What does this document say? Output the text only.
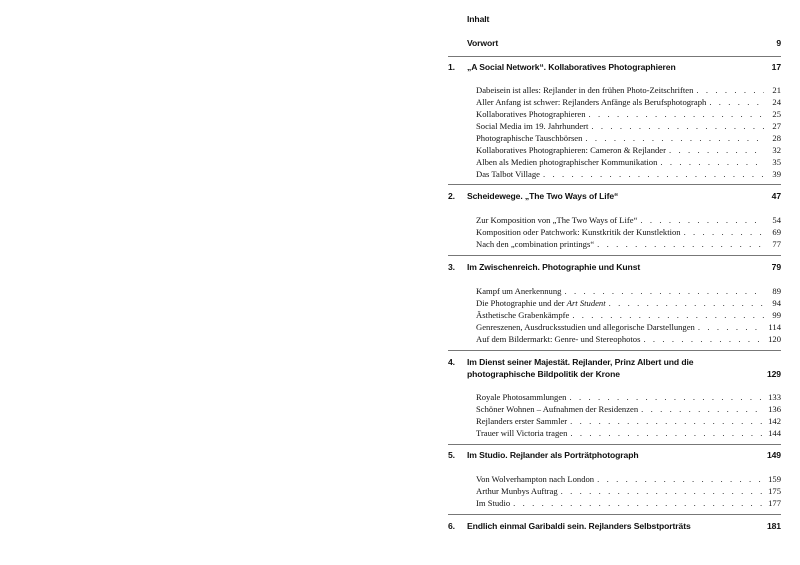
Inhalt
Vorwort	9
1. „A Social Network“. Kollaboratives Photographieren	17
Dabeisein ist alles: Rejlander in den frühen Photo-Zeitschriften . . .	21
Aller Anfang ist schwer: Rejlanders Anfänge als Berufsphotograph . . .	24
Kollaboratives Photographieren . . .	25
Social Media im 19. Jahrhundert . . .	27
Photographische Tauschbörsen . . .	28
Kollaboratives Photographieren: Cameron & Rejlander . . .	32
Alben als Medien photographischer Kommunikation . . .	35
Das Talbot Village . . .	39
2. Scheidewege. „The Two Ways of Life“	47
Zur Komposition von „The Two Ways of Life“ . . .	54
Komposition oder Patchwork: Kunstkritik der Kunstlektion . . .	69
Nach den „combination printings“ . . .	77
3. Im Zwischenreich. Photographie und Kunst	79
Kampf um Anerkennung . . .	89
Die Photographie und der Art Student . . .	94
Ästhetische Grabenkämpfe . . .	99
Genreszenen, Ausdrucksstudien und allegorische Darstellungen . . .	114
Auf dem Bildermarkt: Genre- und Stereophotos . . .	120
4. Im Dienst seiner Majestät. Rejlander, Prinz Albert und die
photographische Bildpolitik der Krone	129
Royale Photosammlungen . . .	133
Schöner Wohnen – Aufnahmen der Residenzen . . .	136
Rejlanders erster Sammler . . .	142
Trauer will Victoria tragen . . .	144
5. Im Studio. Rejlander als Porträtphotograph	149
Von Wolverhampton nach London . . .	159
Arthur Munbys Auftrag . . .	175
Im Studio . . .	177
6. Endlich einmal Garibaldi sein. Rejlanders Selbstporträts	181
